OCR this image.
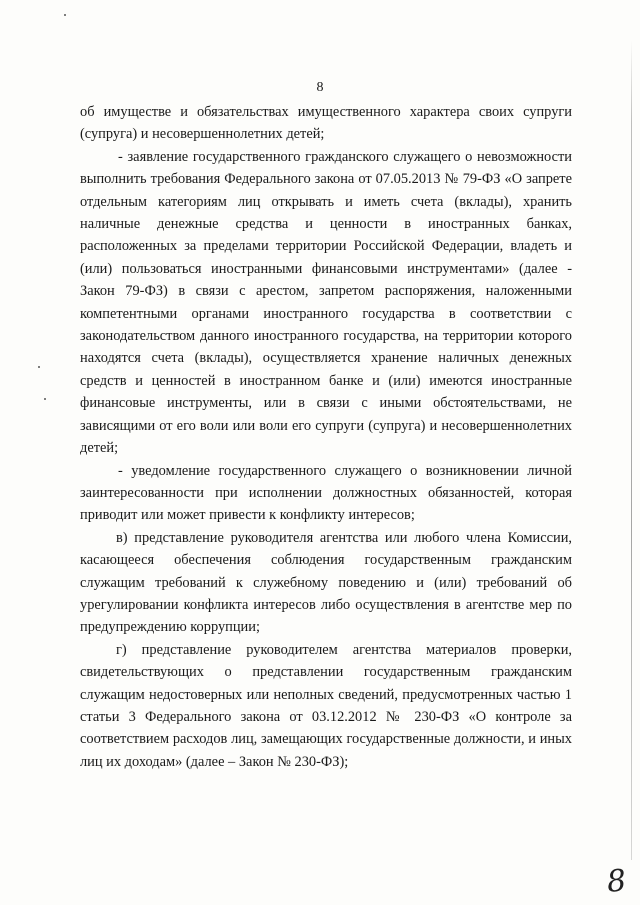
8

об имуществе и обязательствах имущественного характера своих супруги (супруга) и несовершеннолетних детей;

- заявление государственного гражданского служащего о невозможности выполнить требования Федерального закона от 07.05.2013 № 79-ФЗ «О запрете отдельным категориям лиц открывать и иметь счета (вклады), хранить наличные денежные средства и ценности в иностранных банках, расположенных за пределами территории Российской Федерации, владеть и (или) пользоваться иностранными финансовыми инструментами» (далее - Закон 79-ФЗ) в связи с арестом, запретом распоряжения, наложенными компетентными органами иностранного государства в соответствии с законодательством данного иностранного государства, на территории которого находятся счета (вклады), осуществляется хранение наличных денежных средств и ценностей в иностранном банке и (или) имеются иностранные финансовые инструменты, или в связи с иными обстоятельствами, не зависящими от его воли или воли его супруги (супруга) и несовершеннолетних детей;

- уведомление государственного служащего о возникновении личной заинтересованности при исполнении должностных обязанностей, которая приводит или может привести к конфликту интересов;

в) представление руководителя агентства или любого члена Комиссии, касающееся обеспечения соблюдения государственным гражданским служащим требований к служебному поведению и (или) требований об урегулировании конфликта интересов либо осуществления в агентстве мер по предупреждению коррупции;

г) представление руководителем агентства материалов проверки, свидетельствующих о представлении государственным гражданским служащим недостоверных или неполных сведений, предусмотренных частью 1 статьи 3 Федерального закона от 03.12.2012 № 230-ФЗ «О контроле за соответствием расходов лиц, замещающих государственные должности, и иных лиц их доходам» (далее – Закон № 230-ФЗ);

8
